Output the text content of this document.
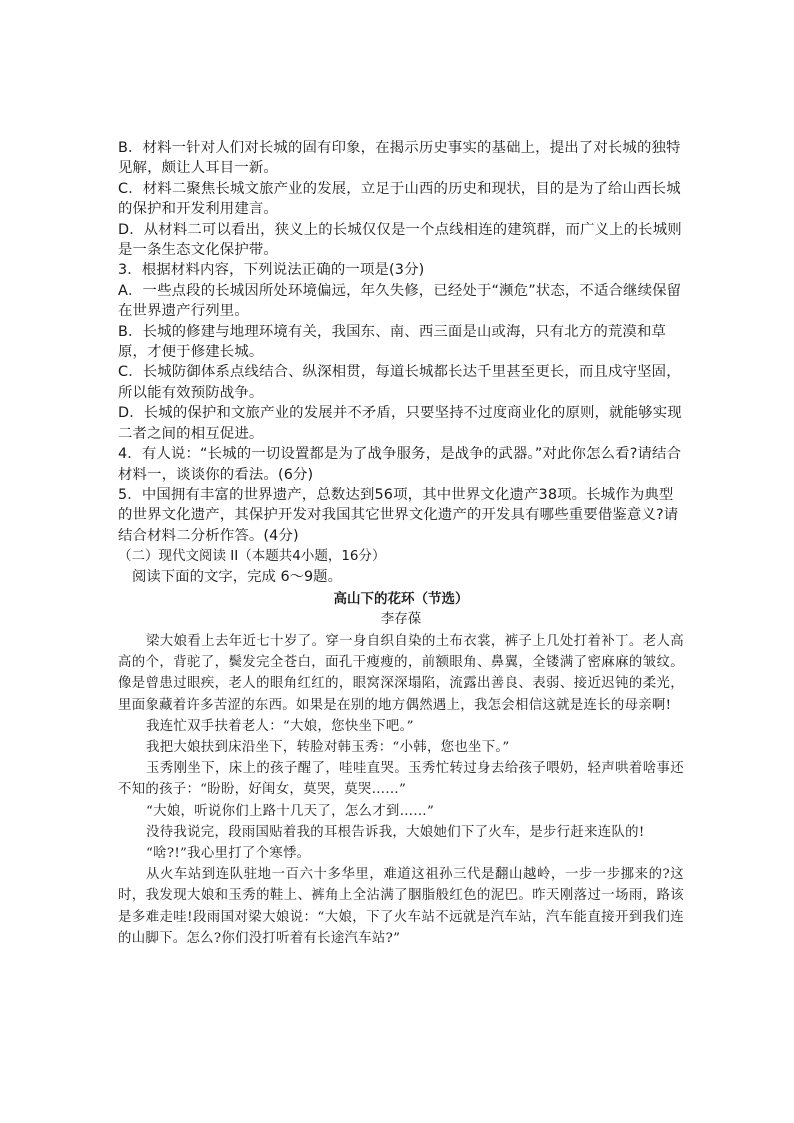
B．材料一针对人们对长城的固有印象，在揭示历史事实的基础上，提出了对长城的独特见解，颇让人耳目一新。

C．材料二聚焦长城文旅产业的发展，立足于山西的历史和现状，目的是为了给山西长城的保护和开发利用建言。

D．从材料二可以看出，狭义上的长城仅仅是一个点线相连的建筑群，而广义上的长城则是一条生态文化保护带。

3．根据材料内容，下列说法正确的一项是(3分)

A．一些点段的长城因所处环境偏远，年久失修，已经处于“濒危”状态，不适合继续保留在世界遗产行列里。

B．长城的修建与地理环境有关，我国东、南、西三面是山或海，只有北方的荒漠和草原，才便于修建长城。

C．长城防御体系点线结合、纵深相贯，每道长城都长达千里甚至更长，而且戍守坚固，所以能有效预防战争。

D．长城的保护和文旅产业的发展并不矛盾，只要坚持不过度商业化的原则，就能够实现二者之间的相互促进。

4．有人说：“长城的一切设置都是为了战争服务，是战争的武器。”对此你怎么看?请结合材料一，谈谈你的看法。(6分)

5．中国拥有丰富的世界遗产，总数达到56项，其中世界文化遗产38项。长城作为典型的世界文化遗产，其保护开发对我国其它世界文化遗产的开发具有哪些重要借鉴意义?请结合材料二分析作答。(4分)

（二）现代文阅读 II（本题共4小题，16分）

阅读下面的文字，完成 6～9题。

高山下的花环（节选）

李存葆

梁大娘看上去年近七十岁了。穿一身自织自染的土布衣裳，裤子上几处打着补丁。老人高高的个，背驼了，鬓发完全苍白，面孔干瘦瘦的，前额眼角、鼻翼，全镂满了密麻麻的皱纹。像是曾患过眼疾，老人的眼角红红的，眼窝深深塌陷，流露出善良、表弱、接近迟钝的柔光，里面象藏着许多苦涩的东西。如果是在别的地方偶然遇上，我怎会相信这就是连长的母亲啊!

我连忙双手扶着老人：“大娘，您快坐下吧。”

我把大娘扶到床沿坐下，转脸对韩玉秀：“小韩，您也坐下。”

玉秀刚坐下，床上的孩子醒了，哇哇直哭。玉秀忙转过身去给孩子喂奶，轻声哄着啥事还不知的孩子：“盼盼，好闺女，莫哭，莫哭……”

“大娘，听说你们上路十几天了，怎么才到……”

没待我说完，段雨国贴着我的耳根告诉我，大娘她们下了火车，是步行赶来连队的!

“啥?!”我心里打了个寒悸。

从火车站到连队驻地一百六十多华里，难道这祖孙三代是翻山越岭，一步一步挪来的?这时，我发现大娘和玉秀的鞋上、裤角上全沾满了胭脂般红色的泥巴。昨天刚落过一场雨，路该是多难走哇!段雨国对梁大娘说：“大娘，下了火车站不远就是汽车站，汽车能直接开到我们连的山脚下。怎么?你们没打听着有长途汽车站?”
